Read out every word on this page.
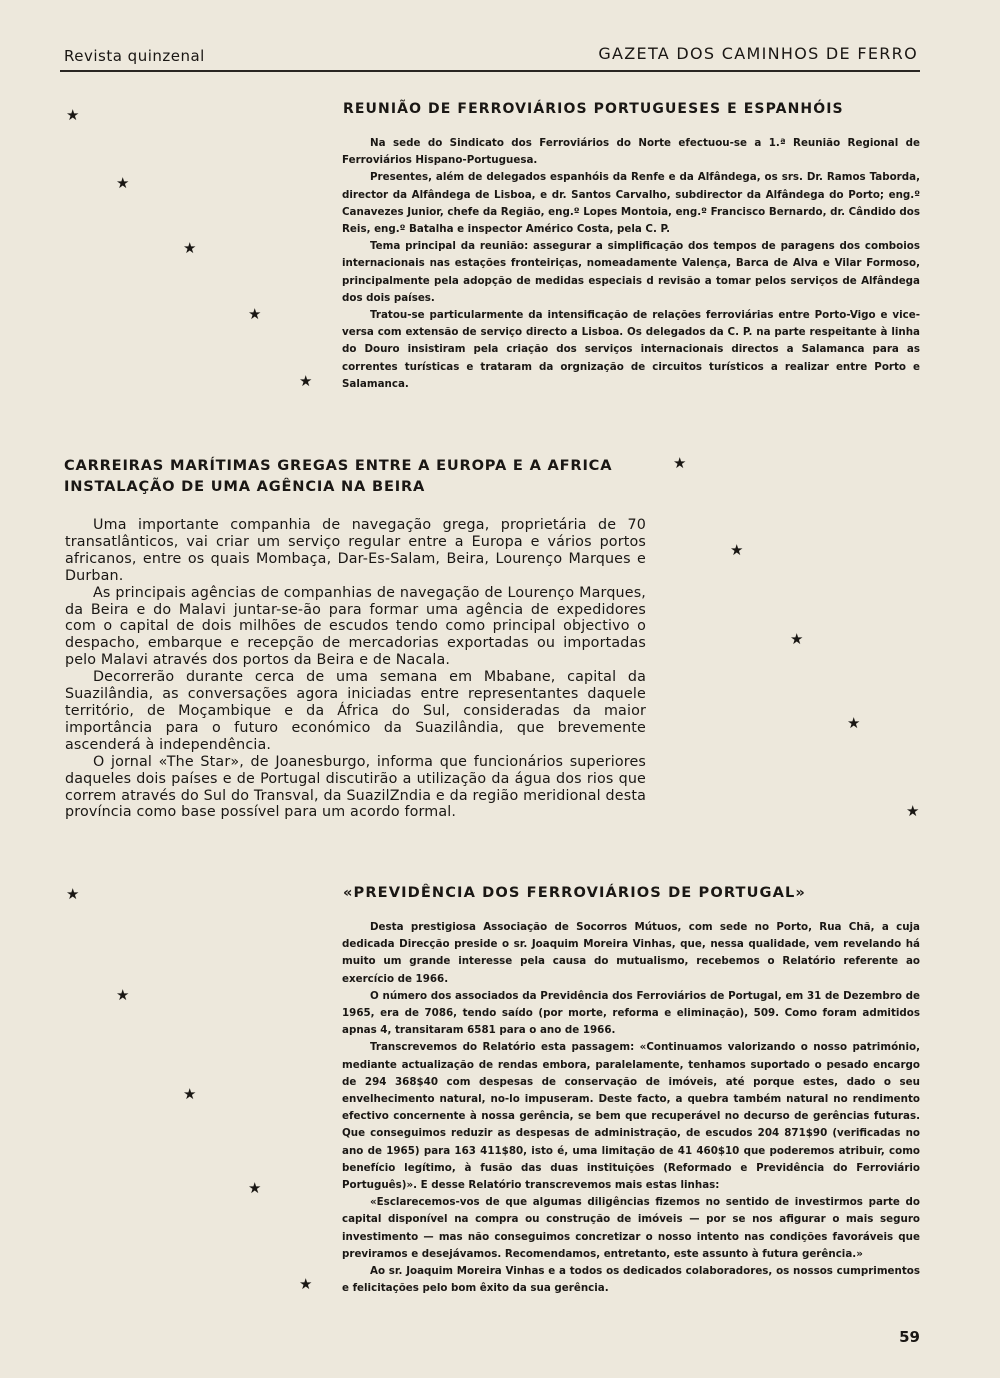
Revista quinzenal	GAZETA DOS CAMINHOS DE FERRO
★
★
★
★
★
REUNIÃO DE FERROVIÁRIOS PORTUGUESES E ESPANHÓIS

Na sede do Sindicato dos Ferroviários do Norte efectuou-se a 1.ª Reunião Regional de Ferroviários Hispano-Portuguesa.

Presentes, além de delegados espanhóis da Renfe e da Alfândega, os srs. Dr. Ramos Taborda, director da Alfândega de Lisboa, e dr. Santos Carvalho, subdirector da Alfândega do Porto; eng.º Canavezes Junior, chefe da Região, eng.º Lopes Montoia, eng.º Francisco Bernardo, dr. Cândido dos Reis, eng.º Batalha e inspector Américo Costa, pela C. P.

Tema principal da reunião: assegurar a simplificação dos tempos de paragens dos comboios internacionais nas estações fronteiriças, nomeadamente Valença, Barca de Alva e Vilar Formoso, principalmente pela adopção de medidas especiais d revisão a tomar pelos serviços de Alfândega dos dois países.

Tratou-se particularmente da intensificação de relações ferroviárias entre Porto-Vigo e vice-versa com extensão de serviço directo a Lisboa. Os delegados da C. P. na parte respeitante à linha do Douro insistiram pela criação dos serviços internacionais directos a Salamanca para as correntes turísticas e trataram da orgnização de circuitos turísticos a realizar entre Porto e Salamanca.

★
★
★
★
★
CARREIRAS MARÍTIMAS GREGAS ENTRE A EUROPA E A AFRICA
INSTALAÇÃO DE UMA AGÊNCIA NA BEIRA

Uma importante companhia de navegação grega, proprietária de 70 transatlânticos, vai criar um serviço regular entre a Europa e vários portos africanos, entre os quais Mombaça, Dar-Es-Salam, Beira, Lourenço Marques e Durban.

As principais agências de companhias de navegação de Lourenço Marques, da Beira e do Malavi juntar-se-ão para formar uma agência de expedidores com o capital de dois milhões de escudos tendo como principal objectivo o despacho, embarque e recepção de mercadorias exportadas ou importadas pelo Malavi através dos portos da Beira e de Nacala.

Decorrerão durante cerca de uma semana em Mbabane, capital da Suazilândia, as conversações agora iniciadas entre representantes daquele território, de Moçambique e da África do Sul, consideradas da maior importância para o futuro económico da Suazilândia, que brevemente ascenderá à independência.

O jornal «The Star», de Joanesburgo, informa que funcionários superiores daqueles dois países e de Portugal discutirão a utilização da água dos rios que correm através do Sul do Transval, da SuazilZndia e da região meridional desta província como base possível para um acordo formal.

★
★
★
★
★
«PREVIDÊNCIA DOS FERROVIÁRIOS DE PORTUGAL»

Desta prestigiosa Associação de Socorros Mútuos, com sede no Porto, Rua Chã, a cuja dedicada Direcção preside o sr. Joaquim Moreira Vinhas, que, nessa qualidade, vem revelando há muito um grande interesse pela causa do mutualismo, recebemos o Relatório referente ao exercício de 1966.

O número dos associados da Previdência dos Ferroviários de Portugal, em 31 de Dezembro de 1965, era de 7086, tendo saído (por morte, reforma e eliminação), 509. Como foram admitidos apnas 4, transitaram 6581 para o ano de 1966.

Transcrevemos do Relatório esta passagem: «Continuamos valorizando o nosso património, mediante actualização de rendas embora, paralelamente, tenhamos suportado o pesado encargo de 294 368$40 com despesas de conservação de imóveis, até porque estes, dado o seu envelhecimento natural, no-lo impuseram. Deste facto, a quebra também natural no rendimento efectivo concernente à nossa gerência, se bem que recuperável no decurso de gerências futuras. Que conseguimos reduzir as despesas de administração, de escudos 204 871$90 (verificadas no ano de 1965) para 163 411$80, isto é, uma limitação de 41 460$10 que poderemos atribuir, como benefício legítimo, à fusão das duas instituições (Reformado e Previdência do Ferroviário Português)». E desse Relatório transcrevemos mais estas linhas:

«Esclarecemos-vos de que algumas diligências fizemos no sentido de investirmos parte do capital disponível na compra ou construção de imóveis — por se nos afigurar o mais seguro investimento — mas não conseguimos concretizar o nosso intento nas condições favoráveis que previramos e desejávamos. Recomendamos, entretanto, este assunto à futura gerência.»

Ao sr. Joaquim Moreira Vinhas e a todos os dedicados colaboradores, os nossos cumprimentos e felicitações pelo bom êxito da sua gerência.

59
